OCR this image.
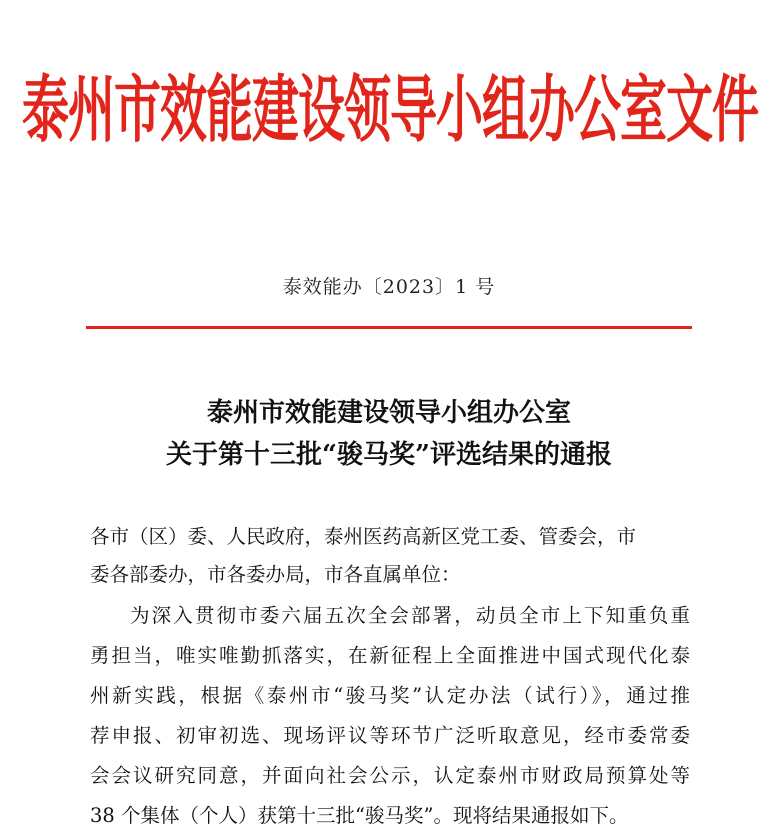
泰州市效能建设领导小组办公室文件
泰效能办〔2023〕1 号
泰州市效能建设领导小组办公室
关于第十三批“骏马奖”评选结果的通报
各市（区）委、人民政府，泰州医药高新区党工委、管委会，市
委各部委办，市各委办局，市各直属单位：
为深入贯彻市委六届五次全会部署，动员全市上下知重负重
勇担当，唯实唯勤抓落实，在新征程上全面推进中国式现代化泰
州新实践，根据《泰州市“骏马奖”认定办法（试行）》，通过推
荐申报、初审初选、现场评议等环节广泛听取意见，经市委常委
会会议研究同意，并面向社会公示，认定泰州市财政局预算处等
38 个集体（个人）获第十三批“骏马奖”。现将结果通报如下。
